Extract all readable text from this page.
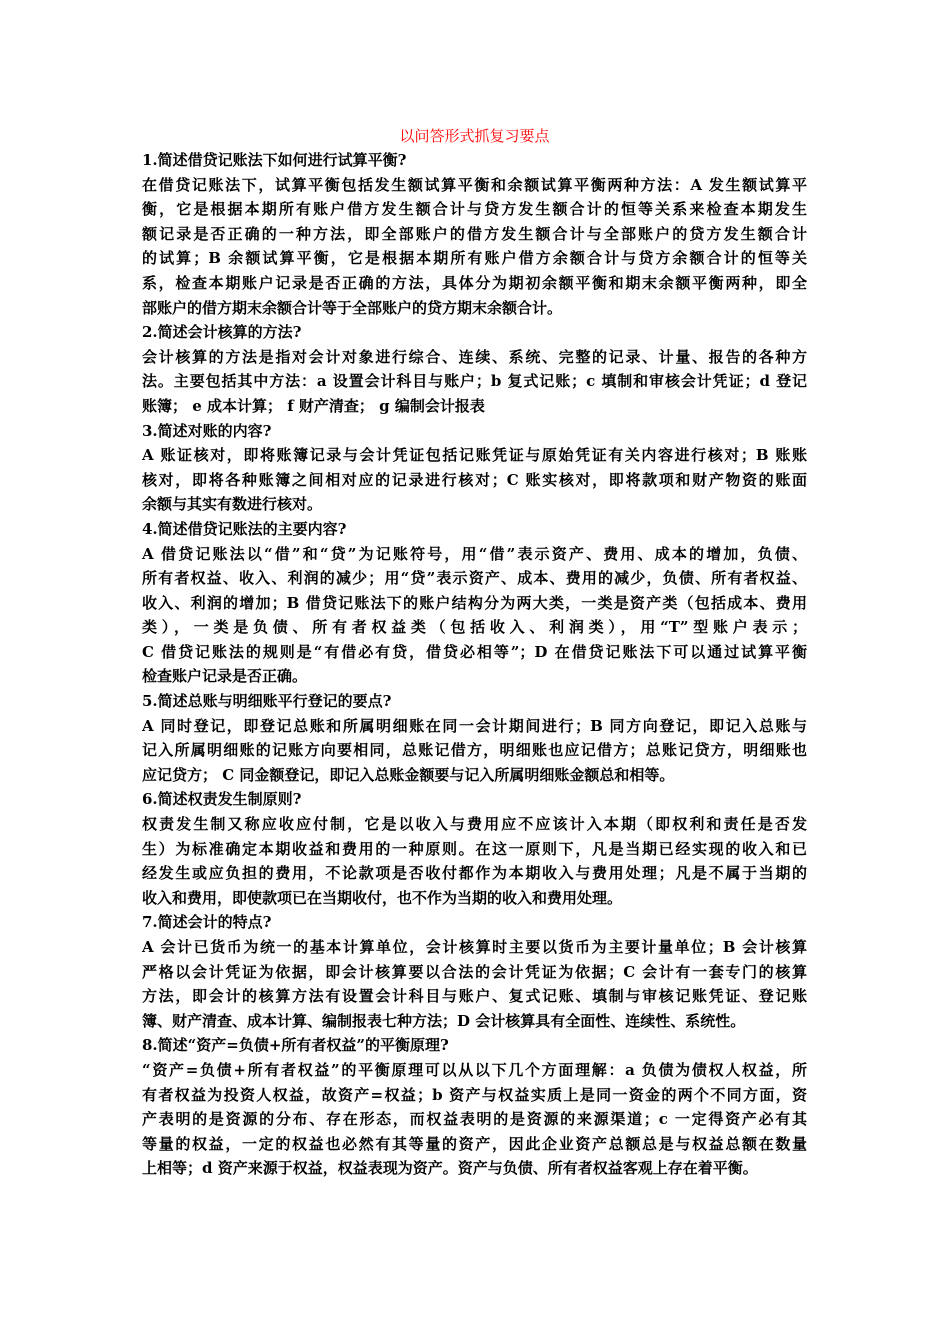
以问答形式抓复习要点
1.简述借贷记账法下如何进行试算平衡?
在借贷记账法下，试算平衡包括发生额试算平衡和余额试算平衡两种方法：A 发生额试算平
衡，它是根据本期所有账户借方发生额合计与贷方发生额合计的恒等关系来检查本期发生
额记录是否正确的一种方法，即全部账户的借方发生额合计与全部账户的贷方发生额合计
的试算；B 余额试算平衡，它是根据本期所有账户借方余额合计与贷方余额合计的恒等关
系，检查本期账户记录是否正确的方法，具体分为期初余额平衡和期末余额平衡两种，即全
部账户的借方期末余额合计等于全部账户的贷方期末余额合计。
2.简述会计核算的方法?
会计核算的方法是指对会计对象进行综合、连续、系统、完整的记录、计量、报告的各种方
法。主要包括其中方法：a 设置会计科目与账户；b 复式记账；c 填制和审核会计凭证；d 登记
账簿； e 成本计算； f 财产清查； g 编制会计报表
3.简述对账的内容?
A 账证核对，即将账簿记录与会计凭证包括记账凭证与原始凭证有关内容进行核对；B 账账
核对，即将各种账簿之间相对应的记录进行核对；C 账实核对，即将款项和财产物资的账面
余额与其实有数进行核对。
4.简述借贷记账法的主要内容?
A 借贷记账法以“借”和“贷”为记账符号，用“借”表示资产、费用、成本的增加，负债、
所有者权益、收入、利润的减少；用“贷”表示资产、成本、费用的减少，负债、所有者权益、
收入、利润的增加；B 借贷记账法下的账户结构分为两大类，一类是资产类（包括成本、费用
类），一类是负债、所有者权益类（包括收入、利润类），用“T”型账户表示；
C 借贷记账法的规则是“有借必有贷，借贷必相等”；D 在借贷记账法下可以通过试算平衡
检查账户记录是否正确。
5.简述总账与明细账平行登记的要点?
A 同时登记，即登记总账和所属明细账在同一会计期间进行；B 同方向登记，即记入总账与
记入所属明细账的记账方向要相同，总账记借方，明细账也应记借方；总账记贷方，明细账也
应记贷方； C 同金额登记，即记入总账金额要与记入所属明细账金额总和相等。
6.简述权责发生制原则?
权责发生制又称应收应付制，它是以收入与费用应不应该计入本期（即权利和责任是否发
生）为标准确定本期收益和费用的一种原则。在这一原则下，凡是当期已经实现的收入和已
经发生或应负担的费用，不论款项是否收付都作为本期收入与费用处理；凡是不属于当期的
收入和费用，即使款项已在当期收付，也不作为当期的收入和费用处理。
7.简述会计的特点?
A 会计已货币为统一的基本计算单位，会计核算时主要以货币为主要计量单位；B 会计核算
严格以会计凭证为依据，即会计核算要以合法的会计凭证为依据；C 会计有一套专门的核算
方法，即会计的核算方法有设置会计科目与账户、复式记账、填制与审核记账凭证、登记账
簿、财产清查、成本计算、编制报表七种方法；D 会计核算具有全面性、连续性、系统性。
8.简述“资产=负债+所有者权益”的平衡原理?
“资产=负债+所有者权益”的平衡原理可以从以下几个方面理解：a 负债为债权人权益，所
有者权益为投资人权益，故资产=权益；b 资产与权益实质上是同一资金的两个不同方面，资
产表明的是资源的分布、存在形态，而权益表明的是资源的来源渠道；c 一定得资产必有其
等量的权益，一定的权益也必然有其等量的资产，因此企业资产总额总是与权益总额在数量
上相等；d 资产来源于权益，权益表现为资产。资产与负债、所有者权益客观上存在着平衡。
